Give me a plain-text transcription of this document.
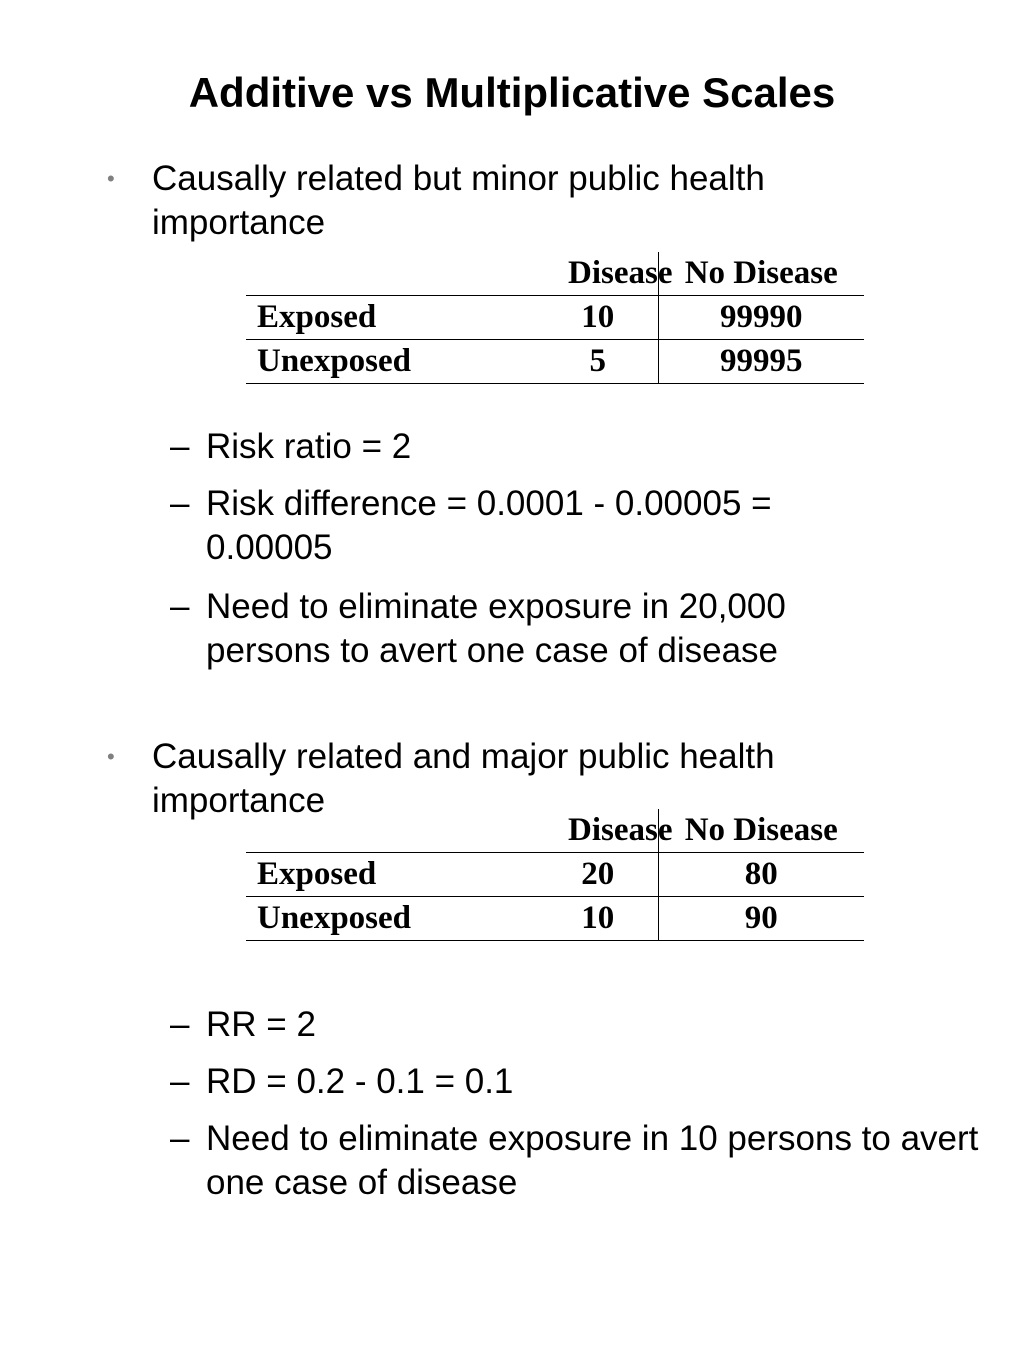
Additive vs Multiplicative Scales
• Causally related but minor public health importance
	Disease	No Disease
Exposed	10	99990
Unexposed	5	99995
– Risk ratio = 2
– Risk difference = 0.0001 - 0.00005 = 0.00005
– Need to eliminate exposure in 20,000 persons to avert one case of disease
• Causally related and major public health importance
	Disease	No Disease
Exposed	20	80
Unexposed	10	90
– RR = 2
– RD = 0.2 - 0.1 = 0.1
– Need to eliminate exposure in 10 persons to avert one case of disease
